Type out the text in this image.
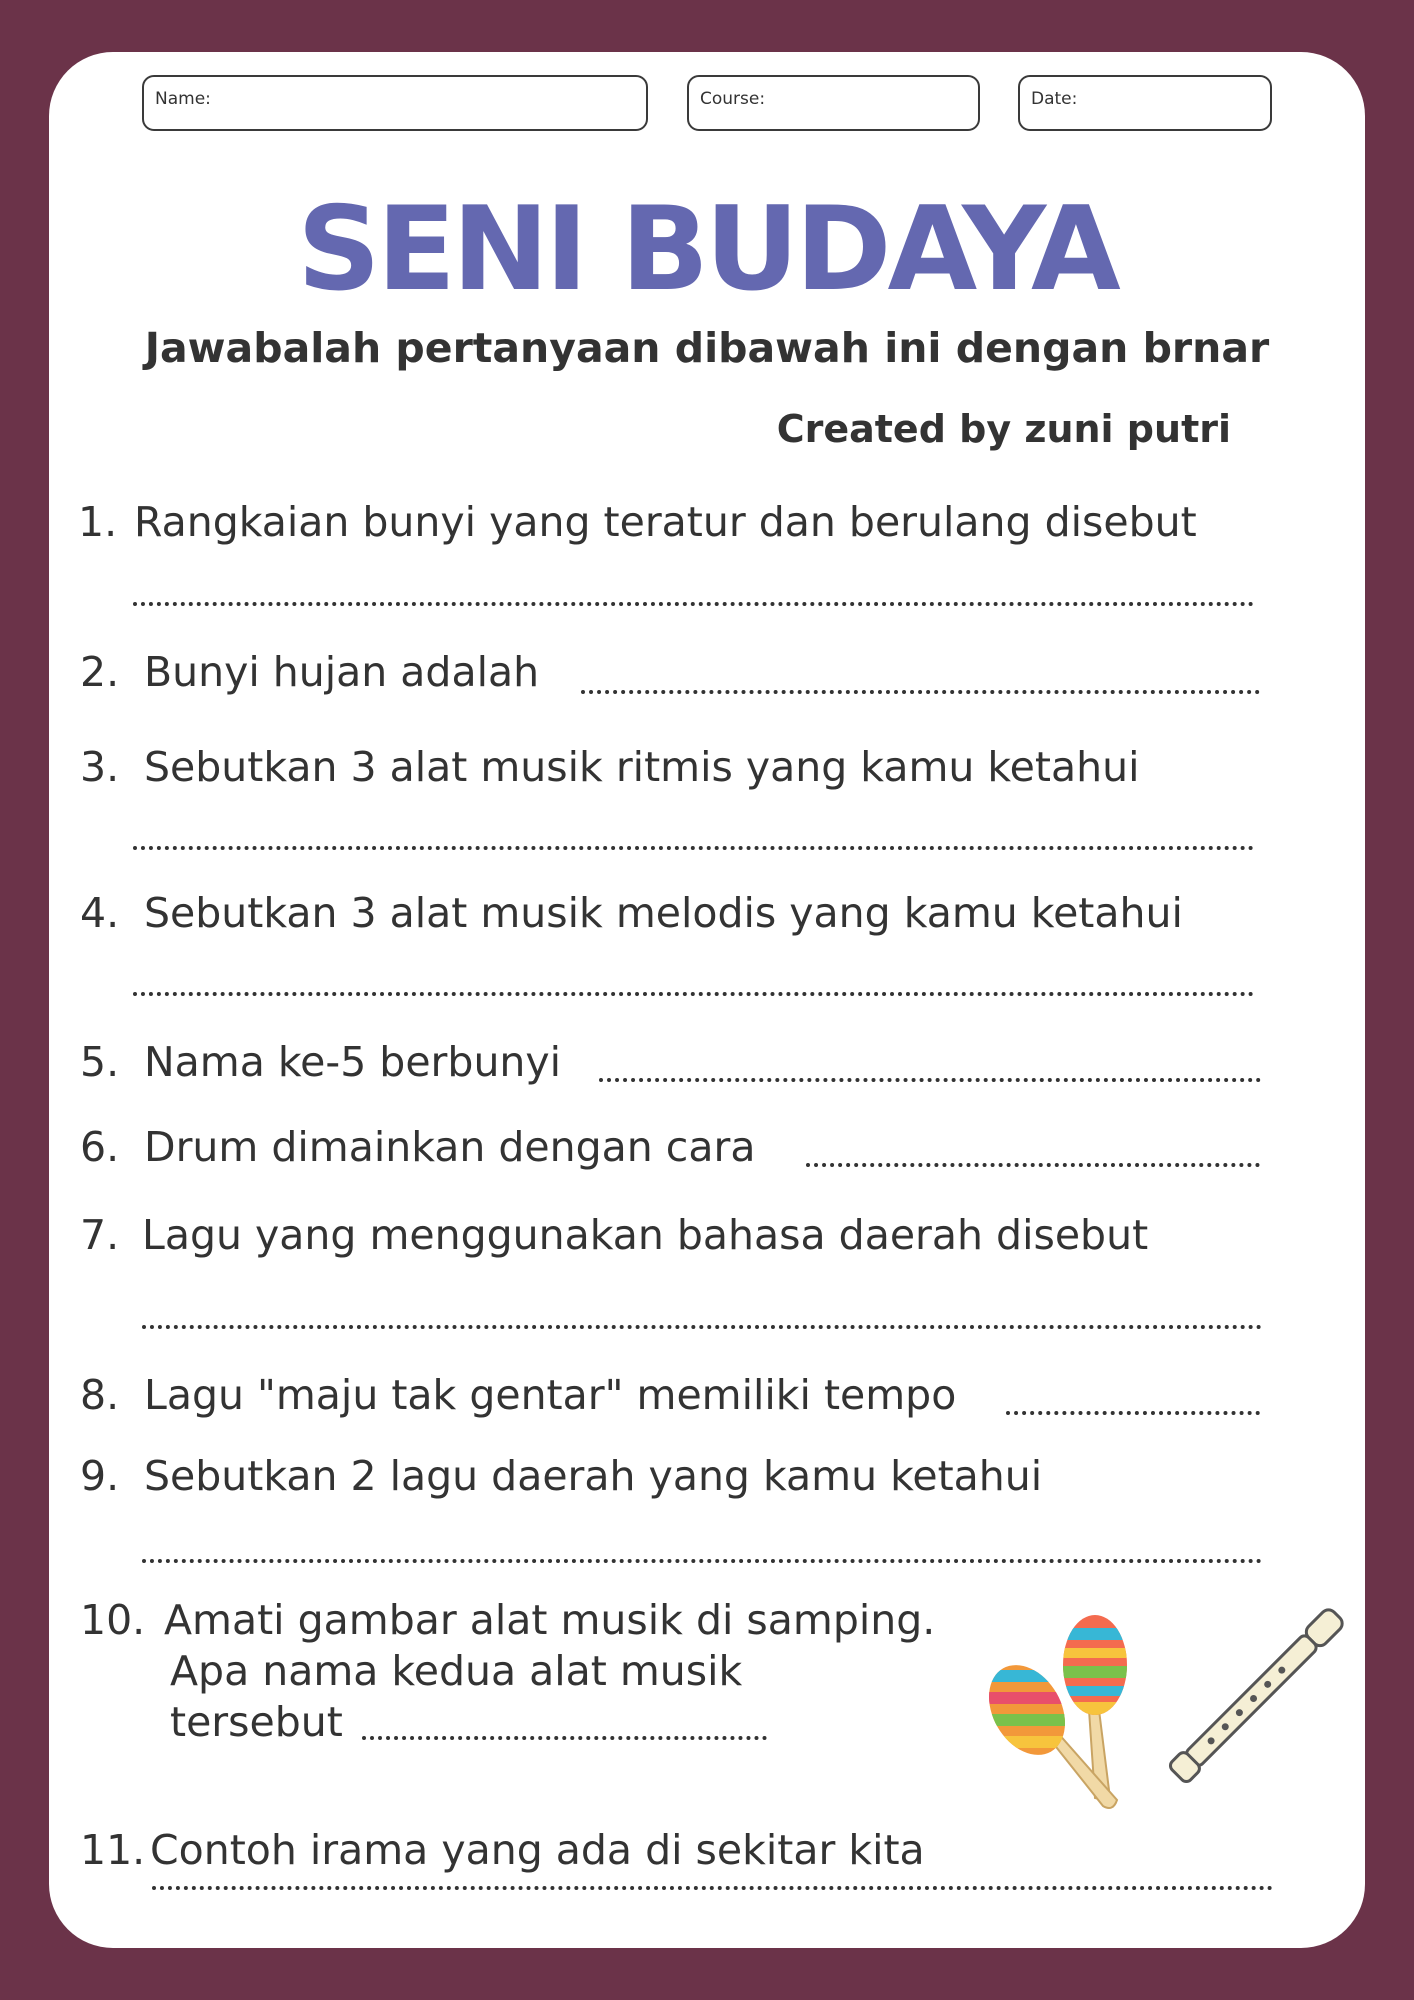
Name:	Course:	Date:
SENI BUDAYA
Jawabalah pertanyaan dibawah ini dengan brnar
Created by zuni putri
1. Rangkaian bunyi yang teratur dan berulang disebut
2. Bunyi hujan adalah
3. Sebutkan 3 alat musik ritmis yang kamu ketahui
4. Sebutkan 3 alat musik melodis yang kamu ketahui
5. Nama ke-5 berbunyi
6. Drum dimainkan dengan cara
7. Lagu yang menggunakan bahasa daerah disebut
8. Lagu "maju tak gentar" memiliki tempo
9. Sebutkan 2 lagu daerah yang kamu ketahui
10. Amati gambar alat musik di samping.
Apa nama kedua alat musik
tersebut
11. Contoh irama yang ada di sekitar kita
